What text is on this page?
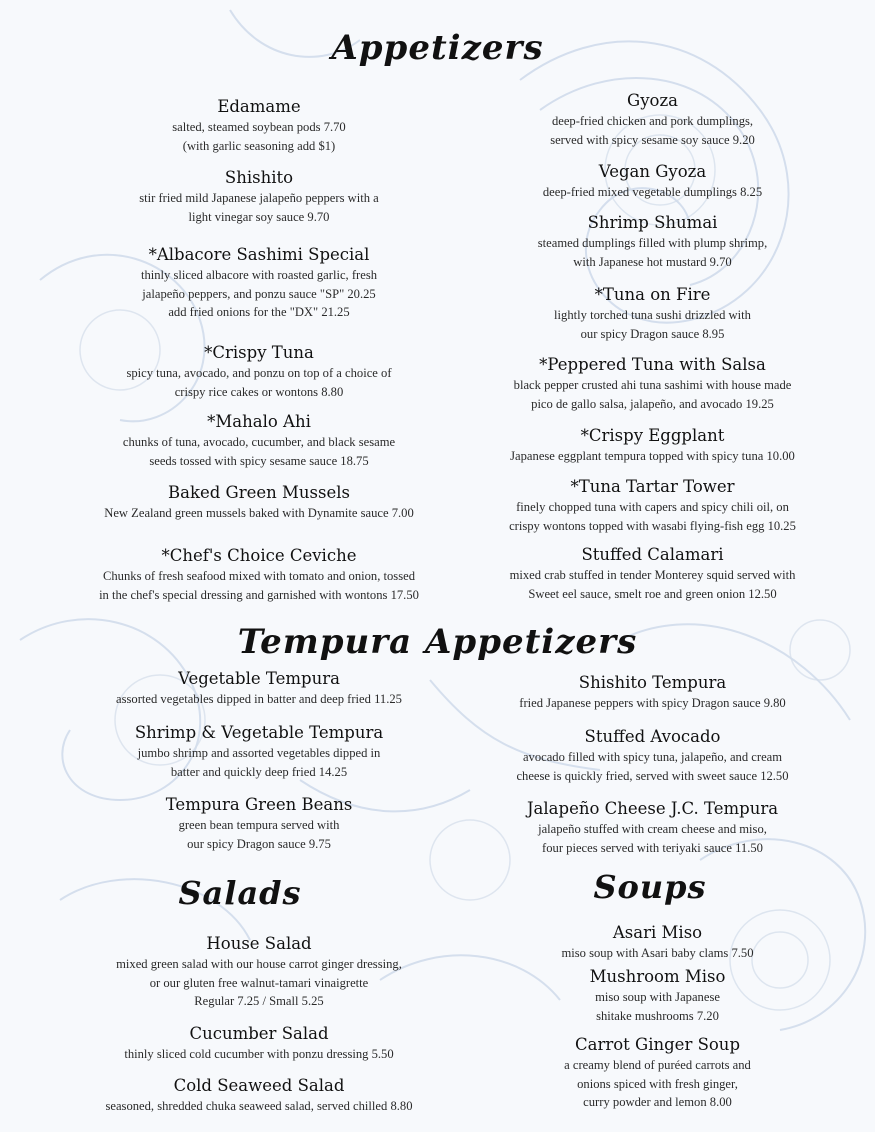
Appetizers
Edamame
salted, steamed soybean pods 7.70
(with garlic seasoning add $1)
Shishito
stir fried mild Japanese jalapeño peppers with a
light vinegar soy sauce 9.70
*Albacore Sashimi Special
thinly sliced albacore with roasted garlic, fresh
jalapeño peppers, and ponzu sauce "SP" 20.25
add fried onions for the "DX" 21.25
*Crispy Tuna
spicy tuna, avocado, and ponzu on top of a choice of
crispy rice cakes or wontons 8.80
*Mahalo Ahi
chunks of tuna, avocado, cucumber, and black sesame
seeds tossed with spicy sesame sauce 18.75
Baked Green Mussels
New Zealand green mussels baked with Dynamite sauce 7.00
*Chef's Choice Ceviche
Chunks of fresh seafood mixed with tomato and onion, tossed
in the chef's special dressing and garnished with wontons 17.50
Gyoza
deep-fried chicken and pork dumplings,
served with spicy sesame soy sauce 9.20
Vegan Gyoza
deep-fried mixed vegetable dumplings 8.25
Shrimp Shumai
steamed dumplings filled with plump shrimp,
with Japanese hot mustard 9.70
*Tuna on Fire
lightly torched tuna sushi drizzled with
our spicy Dragon sauce 8.95
*Peppered Tuna with Salsa
black pepper crusted ahi tuna sashimi with house made
pico de gallo salsa, jalapeño, and avocado 19.25
*Crispy Eggplant
Japanese eggplant tempura topped with spicy tuna 10.00
*Tuna Tartar Tower
finely chopped tuna with capers and spicy chili oil, on
crispy wontons topped with wasabi flying-fish egg 10.25
Stuffed Calamari
mixed crab stuffed in tender Monterey squid served with
Sweet eel sauce, smelt roe and green onion 12.50
Tempura Appetizers
Vegetable Tempura
assorted vegetables dipped in batter and deep fried 11.25
Shrimp & Vegetable Tempura
jumbo shrimp and assorted vegetables dipped in
batter and quickly deep fried 14.25
Tempura Green Beans
green bean tempura served with
our spicy Dragon sauce 9.75
Shishito Tempura
fried Japanese peppers with spicy Dragon sauce 9.80
Stuffed Avocado
avocado filled with spicy tuna, jalapeño, and cream
cheese is quickly fried, served with sweet sauce 12.50
Jalapeño Cheese J.C. Tempura
jalapeño stuffed with cream cheese and miso,
four pieces served with teriyaki sauce 11.50
Salads
House Salad
mixed green salad with our house carrot ginger dressing,
or our gluten free walnut-tamari vinaigrette
Regular 7.25 / Small 5.25
Cucumber Salad
thinly sliced cold cucumber with ponzu dressing 5.50
Cold Seaweed Salad
seasoned, shredded chuka seaweed salad, served chilled 8.80
Soups
Asari Miso
miso soup with Asari baby clams 7.50
Mushroom Miso
miso soup with Japanese
shitake mushrooms 7.20
Carrot Ginger Soup
a creamy blend of puréed carrots and
onions spiced with fresh ginger,
curry powder and lemon 8.00
